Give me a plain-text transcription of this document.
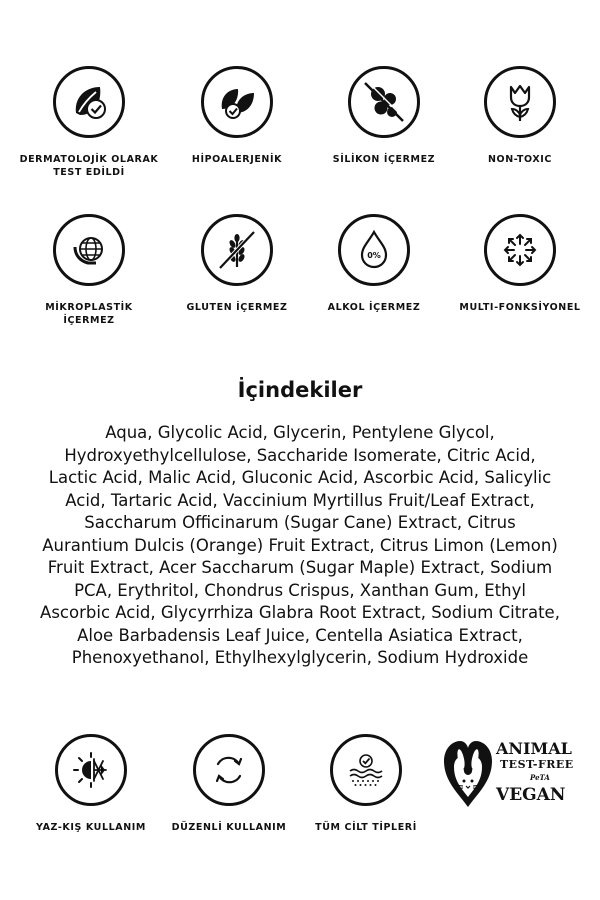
DERMATOLOJİK OLARAK TEST EDİLDİ
HİPOALERJENİK	SİLİKON İÇERMEZ	NON-TOXIC
MİKROPLASTİK İÇERMEZ
GLUTEN İÇERMEZ
0%
ALKOL İÇERMEZ	MULTI-FONKSİYONEL
İçindekiler
Aqua, Glycolic Acid, Glycerin, Pentylene Glycol, Hydroxyethylcellulose, Saccharide Isomerate, Citric Acid, Lactic Acid, Malic Acid, Gluconic Acid, Ascorbic Acid, Salicylic Acid, Tartaric Acid, Vaccinium Myrtillus Fruit/Leaf Extract, Saccharum Officinarum (Sugar Cane) Extract, Citrus Aurantium Dulcis (Orange) Fruit Extract, Citrus Limon (Lemon) Fruit Extract, Acer Saccharum (Sugar Maple) Extract, Sodium PCA, Erythritol, Chondrus Crispus, Xanthan Gum, Ethyl Ascorbic Acid, Glycyrrhiza Glabra Root Extract, Sodium Citrate, Aloe Barbadensis Leaf Juice, Centella Asiatica Extract, Phenoxyethanol, Ethylhexylglycerin, Sodium Hydroxide
YAZ-KIŞ KULLANIM	DÜZENLİ KULLANIM	TÜM CİLT TİPLERİ
ANIMAL
TEST-FREE
PeTA
VEGAN
